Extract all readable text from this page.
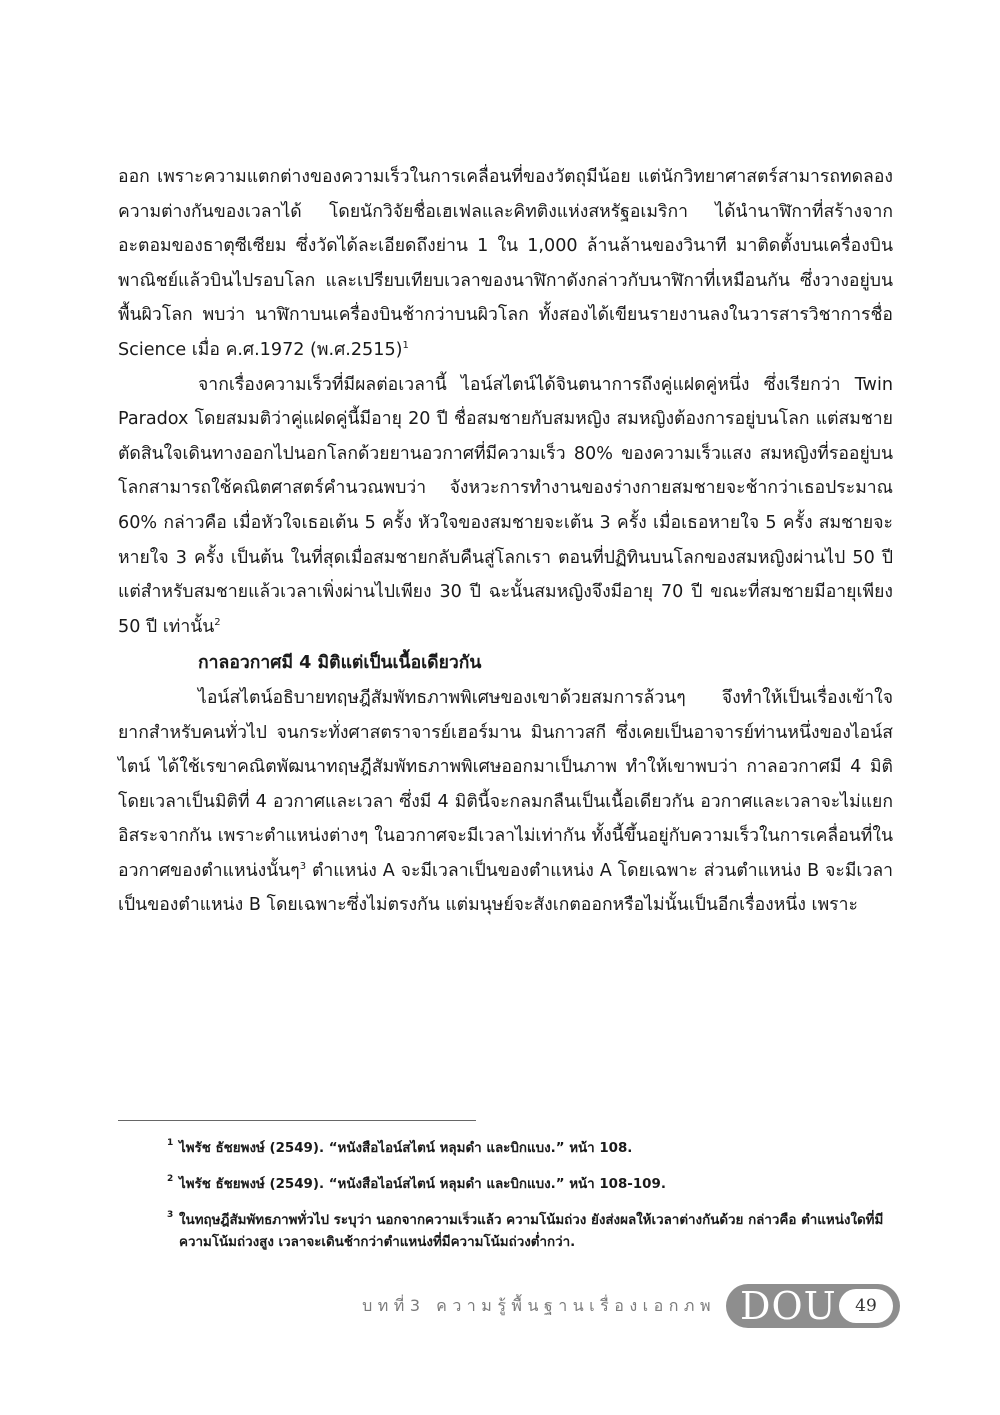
ออก เพราะความแตกต่างของความเร็วในการเคลื่อนที่ของวัตถุมีน้อย แต่นักวิทยาศาสตร์สามารถทดลองความต่างกันของเวลาได้ โดยนักวิจัยชื่อเฮเฟลและคิทติงแห่งสหรัฐอเมริกา ได้นำนาฬิกาที่สร้างจากอะตอมของธาตุซีเซียม ซึ่งวัดได้ละเอียดถึงย่าน 1 ใน 1,000 ล้านล้านของวินาที มาติดตั้งบนเครื่องบินพาณิชย์แล้วบินไปรอบโลก และเปรียบเทียบเวลาของนาฬิกาดังกล่าวกับนาฬิกาที่เหมือนกัน ซึ่งวางอยู่บนพื้นผิวโลก พบว่า นาฬิกาบนเครื่องบินช้ากว่าบนผิวโลก ทั้งสองได้เขียนรายงานลงในวารสารวิชาการชื่อ Science เมื่อ ค.ศ.1972 (พ.ศ.2515)$^1$

จากเรื่องความเร็วที่มีผลต่อเวลานี้ ไอน์สไตน์ได้จินตนาการถึงคู่แฝดคู่หนึ่ง ซึ่งเรียกว่า Twin Paradox โดยสมมติว่าคู่แฝดคู่นี้มีอายุ 20 ปี ชื่อสมชายกับสมหญิง สมหญิงต้องการอยู่บนโลก แต่สมชายตัดสินใจเดินทางออกไปนอกโลกด้วยยานอวกาศที่มีความเร็ว 80% ของความเร็วแสง สมหญิงที่รออยู่บนโลกสามารถใช้คณิตศาสตร์คำนวณพบว่า จังหวะการทำงานของร่างกายสมชายจะช้ากว่าเธอประมาณ 60% กล่าวคือ เมื่อหัวใจเธอเต้น 5 ครั้ง หัวใจของสมชายจะเต้น 3 ครั้ง เมื่อเธอหายใจ 5 ครั้ง สมชายจะหายใจ 3 ครั้ง เป็นต้น ในที่สุดเมื่อสมชายกลับคืนสู่โลกเรา ตอนที่ปฏิทินบนโลกของสมหญิงผ่านไป 50 ปี แต่สำหรับสมชายแล้วเวลาเพิ่งผ่านไปเพียง 30 ปี ฉะนั้นสมหญิงจึงมีอายุ 70 ปี ขณะที่สมชายมีอายุเพียง 50 ปี เท่านั้น$^2$

กาลอวกาศมี 4 มิติแต่เป็นเนื้อเดียวกัน

ไอน์สไตน์อธิบายทฤษฎีสัมพัทธภาพพิเศษของเขาด้วยสมการล้วนๆ จึงทำให้เป็นเรื่องเข้าใจยากสำหรับคนทั่วไป จนกระทั่งศาสตราจารย์เฮอร์มาน มินกาวสกี ซึ่งเคยเป็นอาจารย์ท่านหนึ่งของไอน์สไตน์ ได้ใช้เรขาคณิตพัฒนาทฤษฎีสัมพัทธภาพพิเศษออกมาเป็นภาพ ทำให้เขาพบว่า กาลอวกาศมี 4 มิติโดยเวลาเป็นมิติที่ 4 อวกาศและเวลา ซึ่งมี 4 มิตินี้จะกลมกลืนเป็นเนื้อเดียวกัน อวกาศและเวลาจะไม่แยกอิสระจากกัน เพราะตำแหน่งต่างๆ ในอวกาศจะมีเวลาไม่เท่ากัน ทั้งนี้ขึ้นอยู่กับความเร็วในการเคลื่อนที่ในอวกาศของตำแหน่งนั้นๆ$^3$ ตำแหน่ง A จะมีเวลาเป็นของตำแหน่ง A โดยเฉพาะ ส่วนตำแหน่ง B จะมีเวลาเป็นของตำแหน่ง B โดยเฉพาะซึ่งไม่ตรงกัน แต่มนุษย์จะสังเกตออกหรือไม่นั้นเป็นอีกเรื่องหนึ่ง เพราะ

1 ไพรัช ธัชยพงษ์ (2549). “หนังสือไอน์สไตน์ หลุมดำ และบิกแบง.” หน้า 108.
2 ไพรัช ธัชยพงษ์ (2549). “หนังสือไอน์สไตน์ หลุมดำ และบิกแบง.” หน้า 108-109.
3 ในทฤษฎีสัมพัทธภาพทั่วไป ระบุว่า นอกจากความเร็วแล้ว ความโน้มถ่วง ยังส่งผลให้เวลาต่างกันด้วย กล่าวคือ ตำแหน่งใดที่มีความโน้มถ่วงสูง เวลาจะเดินช้ากว่าตำแหน่งที่มีความโน้มถ่วงต่ำกว่า.
บทที่3 ความรู้พื้นฐานเรื่องเอกภพ DOU	49
